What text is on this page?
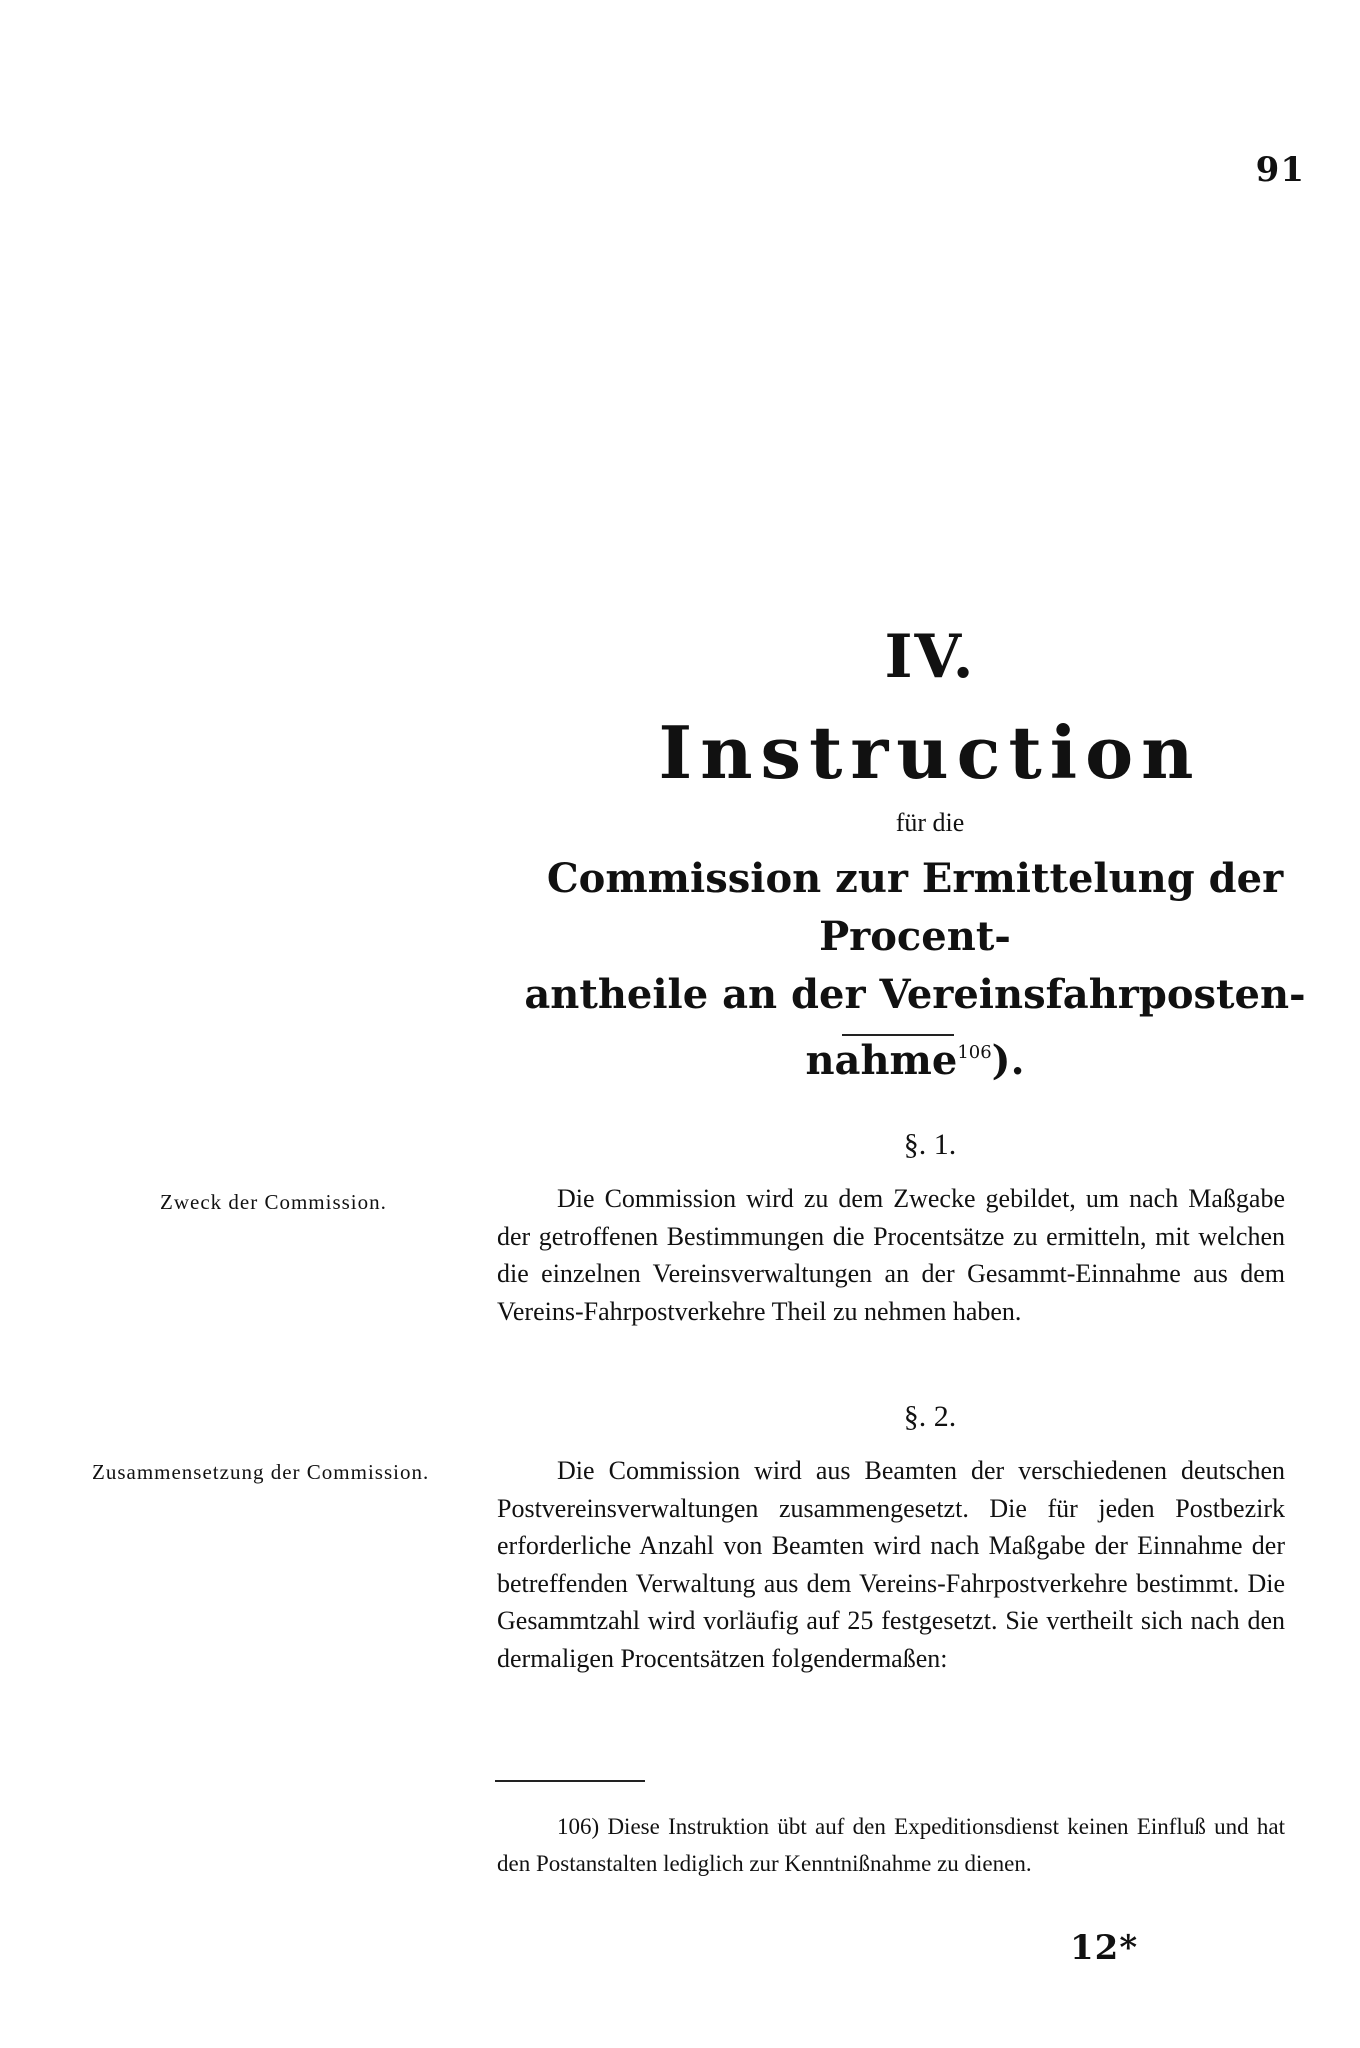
91
IV.
Instruction
für die
Commission zur Ermittelung der Procent-
antheile an der Vereinsfahrposten-
nahme$^{106}$).
§. 1.
Zweck der Commission.	Die Commission wird zu dem Zwecke gebildet, um nach Maßgabe der getroffenen Bestimmungen die Procentsätze zu ermitteln, mit welchen die einzelnen Vereinsverwaltungen an der Gesammt-Einnahme aus dem Vereins-Fahrpostverkehre Theil zu nehmen haben.

§. 2.
Zusammensetzung der Commission.	Die Commission wird aus Beamten der verschiedenen deutschen Postvereinsverwaltungen zusammengesetzt. Die für jeden Postbezirk erforderliche Anzahl von Beamten wird nach Maßgabe der Einnahme der betreffenden Verwaltung aus dem Vereins-Fahrpostverkehre bestimmt. Die Gesammtzahl wird vorläufig auf 25 festgesetzt. Sie vertheilt sich nach den dermaligen Procentsätzen folgendermaßen:

106) Diese Instruktion übt auf den Expeditionsdienst keinen Einfluß und hat den Postanstalten lediglich zur Kenntnißnahme zu dienen.

12*
